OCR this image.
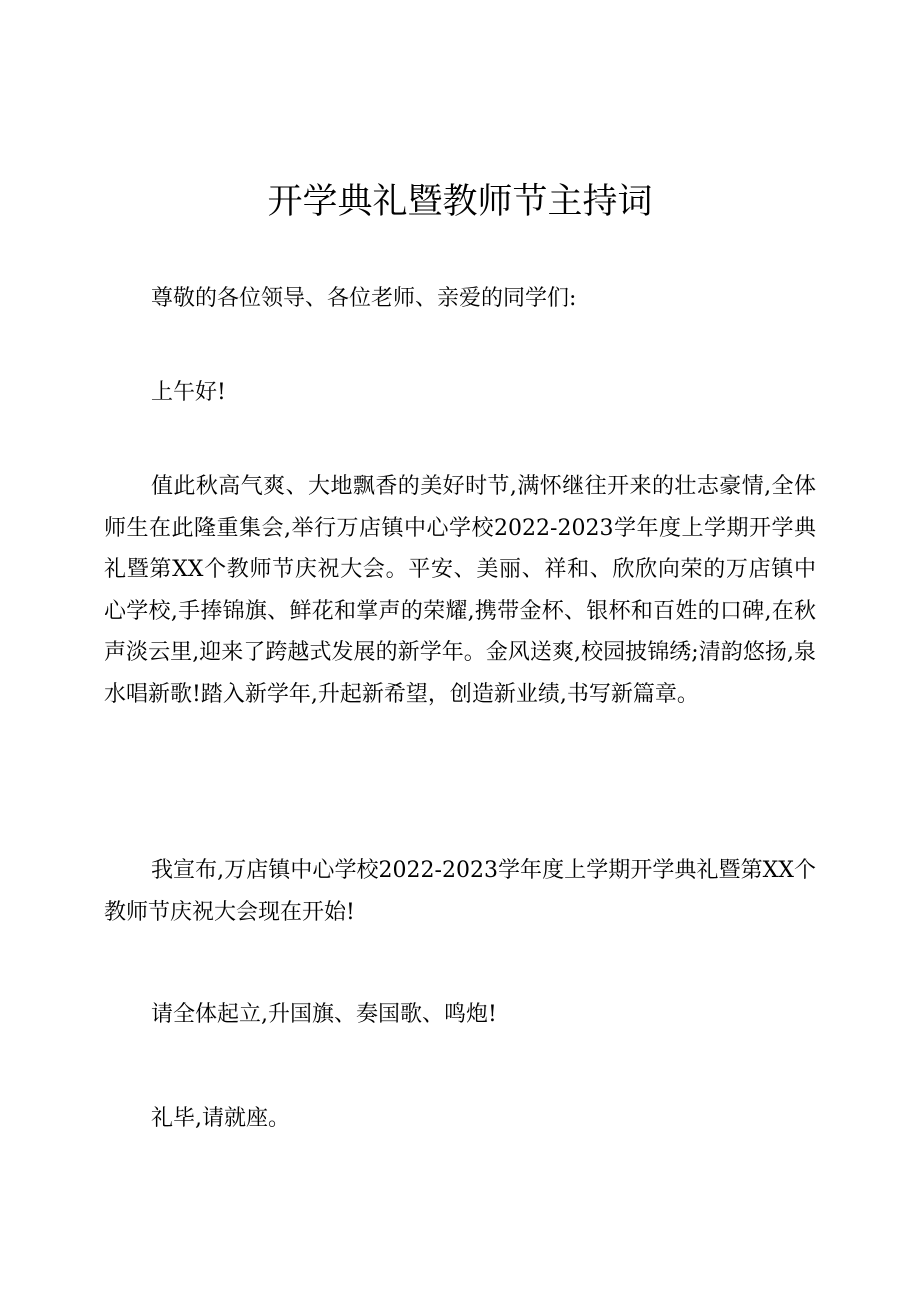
开学典礼暨教师节主持词

尊敬的各位领导、各位老师、亲爱的同学们:

上午好!

值此秋高气爽、大地飘香的美好时节,满怀继往开来的壮志豪情,全体师生在此隆重集会,举行万店镇中心学校2022-2023学年度上学期开学典礼暨第XX个教师节庆祝大会。平安、美丽、祥和、欣欣向荣的万店镇中心学校,手捧锦旗、鲜花和掌声的荣耀,携带金杯、银杯和百姓的口碑,在秋声淡云里,迎来了跨越式发展的新学年。金风送爽,校园披锦绣;清韵悠扬,泉水唱新歌!踏入新学年,升起新希望，创造新业绩,书写新篇章。

我宣布,万店镇中心学校2022-2023学年度上学期开学典礼暨第XX个教师节庆祝大会现在开始!

请全体起立,升国旗、奏国歌、鸣炮!

礼毕,请就座。
